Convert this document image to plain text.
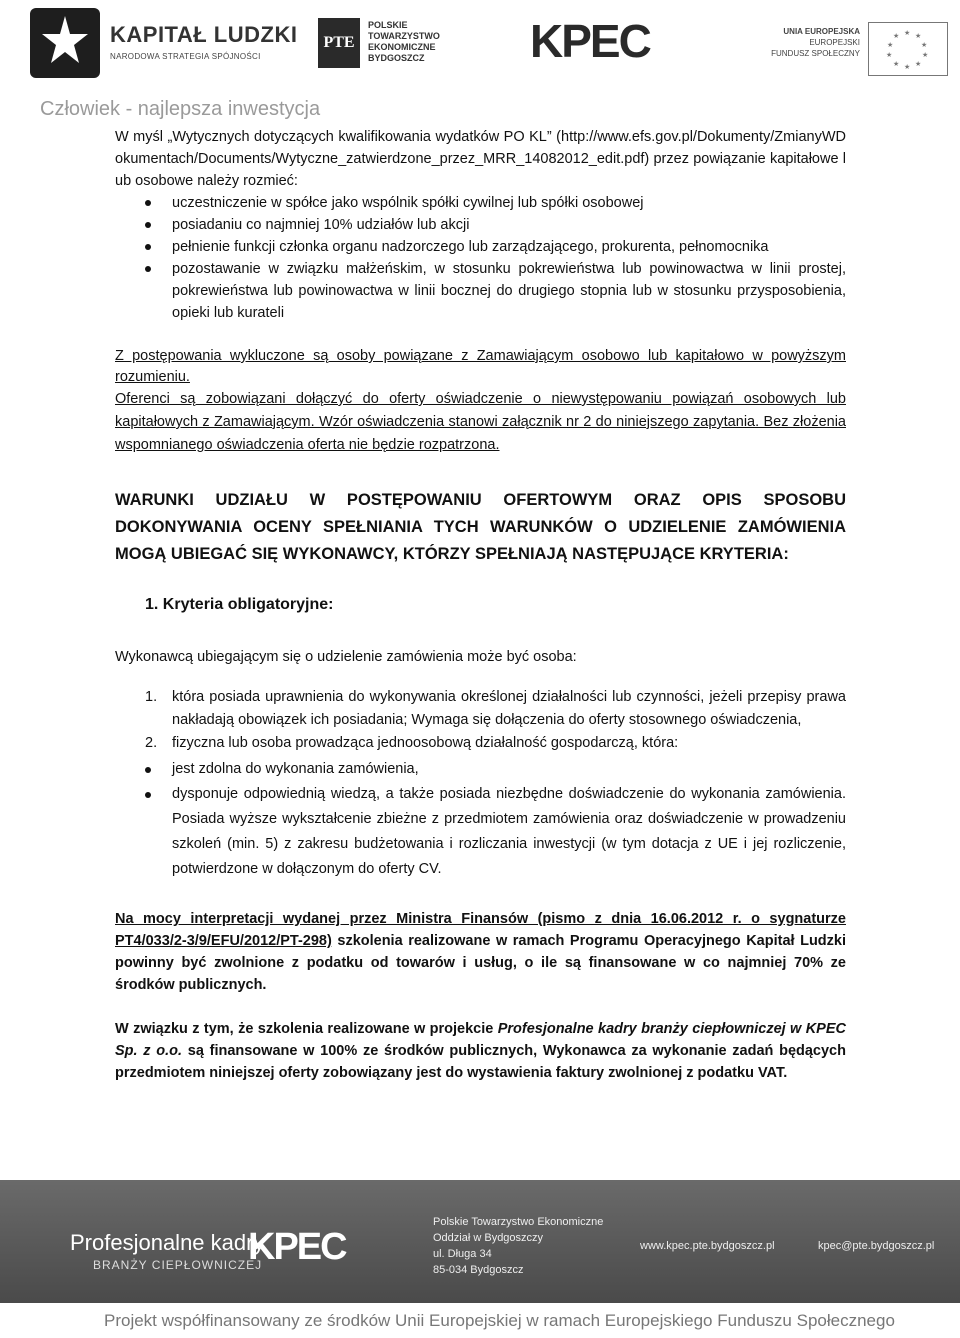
KAPITAŁ LUDZKI
NARODOWA STRATEGIA SPÓJNOŚCI
PTE
POLSKIE
TOWARZYSTWO
EKONOMICZNE
BYDGOSZCZ	KPEC	UNIA EUROPEJSKA
EUROPEJSKI
FUNDUSZ SPOŁECZNY
★ ★
★
★
★
★
★
★
★
★
Człowiek - najlepsza inwestycja

W myśl „Wytycznych dotyczących kwalifikowania wydatków PO KL” (http://www.efs.gov.pl/Dokumenty/ZmianyWDokumentach/Documents/Wytyczne_zatwierdzone_przez_MRR_14082012_edit.pdf) przez powiązanie kapitałowe lub osobowe należy rozmieć:

uczestniczenie w spółce jako wspólnik spółki cywilnej lub spółki osobowej
posiadaniu co najmniej 10% udziałów lub akcji
pełnienie funkcji członka organu nadzorczego lub zarządzającego, prokurenta, pełnomocnika
pozostawanie w związku małżeńskim, w stosunku pokrewieństwa lub powinowactwa w linii prostej, pokrewieństwa lub powinowactwa w linii bocznej do drugiego stopnia lub w stosunku przysposobienia, opieki lub kurateli

Z postępowania wykluczone są osoby powiązane z Zamawiającym osobowo lub kapitałowo w powyższym rozumieniu.

Oferenci są zobowiązani dołączyć do oferty oświadczenie o niewystępowaniu powiązań osobowych lub kapitałowych z Zamawiającym. Wzór oświadczenia stanowi załącznik nr 2 do niniejszego zapytania. Bez złożenia wspomnianego oświadczenia oferta nie będzie rozpatrzona.

WARUNKI UDZIAŁU W POSTĘPOWANIU OFERTOWYM ORAZ OPIS SPOSOBU DOKONYWANIA OCENY SPEŁNIANIA TYCH WARUNKÓW O UDZIELENIE ZAMÓWIENIA MOGĄ UBIEGAĆ SIĘ WYKONAWCY, KTÓRZY SPEŁNIAJĄ NASTĘPUJĄCE KRYTERIA:

1. Kryteria obligatoryjne:

Wykonawcą ubiegającym się o udzielenie zamówienia może być osoba:

1. która posiada uprawnienia do wykonywania określonej działalności lub czynności, jeżeli przepisy prawa nakładają obowiązek ich posiadania; Wymaga się dołączenia do oferty stosownego oświadczenia,
2. fizyczna lub osoba prowadząca jednoosobową działalność gospodarczą, która:
jest zdolna do wykonania zamówienia,
dysponuje odpowiednią wiedzą, a także posiada niezbędne doświadczenie do wykonania zamówienia. Posiada wyższe wykształcenie zbieżne z przedmiotem zamówienia oraz doświadczenie w prowadzeniu szkoleń (min. 5) z zakresu budżetowania i rozliczania inwestycji (w tym dotacja z UE i jej rozliczenie, potwierdzone w dołączonym do oferty CV.

Na mocy interpretacji wydanej przez Ministra Finansów (pismo z dnia 16.06.2012 r. o sygnaturze PT4/033/2-3/9/EFU/2012/PT-298) szkolenia realizowane w ramach Programu Operacyjnego Kapitał Ludzki powinny być zwolnione z podatku od towarów i usług, o ile są finansowane w co najmniej 70% ze środków publicznych.

W związku z tym, że szkolenia realizowane w projekcie Profesjonalne kadry branży ciepłowniczej w KPEC Sp. z o.o. są finansowane w 100% ze środków publicznych, Wykonawca za wykonanie zadań będących przedmiotem niniejszej oferty zobowiązany jest do wystawienia faktury zwolnionej z podatku VAT.

Profesjonalne kadry
BRANŻY CIEPŁOWNICZEJ
KPEC
Polskie Towarzystwo Ekonomiczne
Oddział w Bydgoszczy
ul. Długa 34
85-034 Bydgoszcz
www.kpec.pte.bydgoszcz.pl	kpec@pte.bydgoszcz.pl
Projekt współfinansowany ze środków Unii Europejskiej w ramach Europejskiego Funduszu Społecznego
